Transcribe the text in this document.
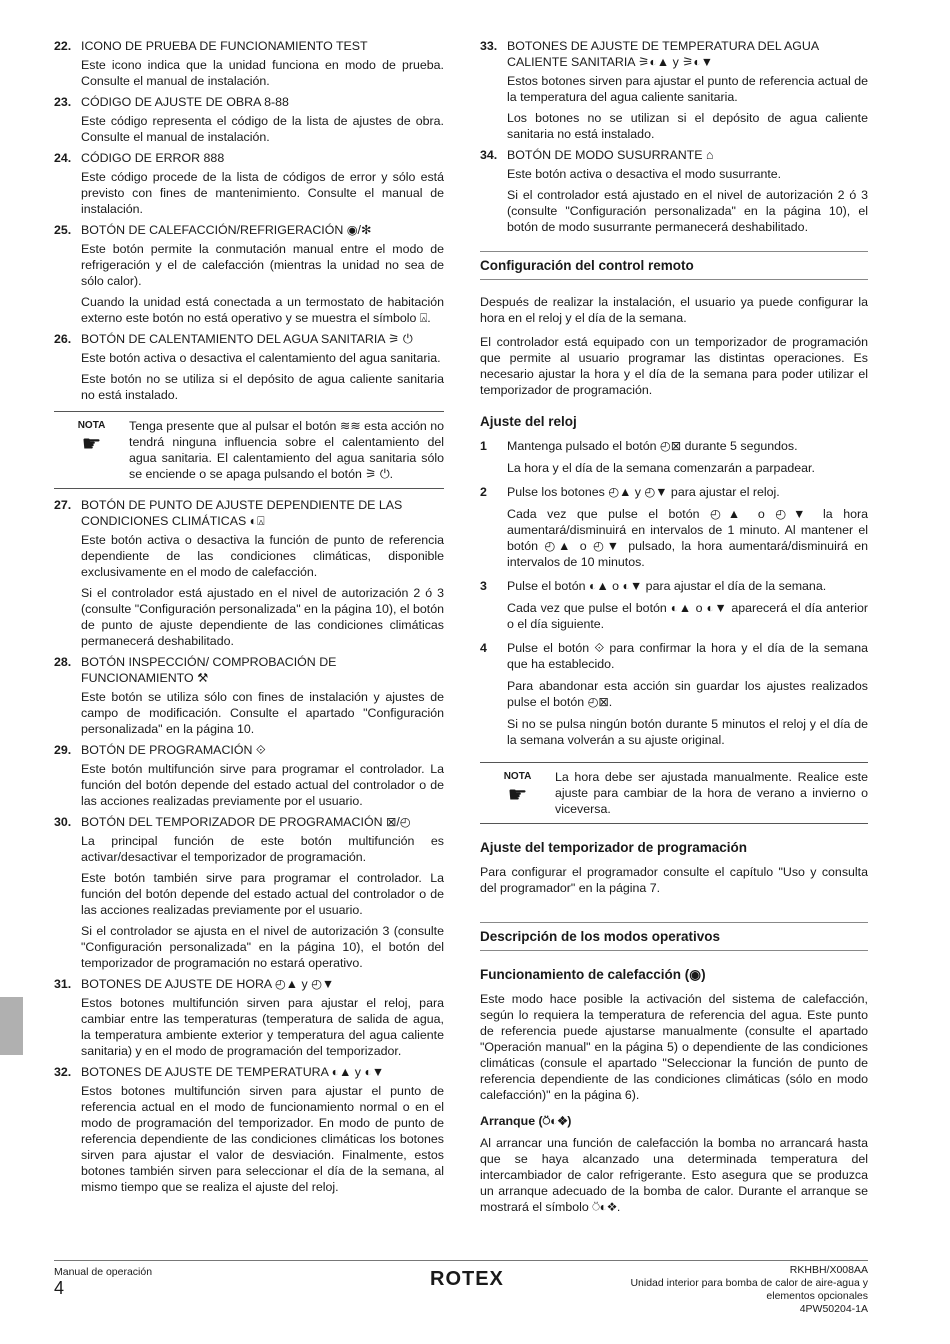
22. ICONO DE PRUEBA DE FUNCIONAMIENTO TEST

Este icono indica que la unidad funciona en modo de prueba. Consulte el manual de instalación.

23. CÓDIGO DE AJUSTE DE OBRA 8-88

Este código representa el código de la lista de ajustes de obra. Consulte el manual de instalación.

24. CÓDIGO DE ERROR 888

Este código procede de la lista de códigos de error y sólo está previsto con fines de mantenimiento. Consulte el manual de instalación.

25. BOTÓN DE CALEFACCIÓN/REFRIGERACIÓN ◉/✻

Este botón permite la conmutación manual entre el modo de refrigeración y el de calefacción (mientras la unidad no sea de sólo calor).

Cuando la unidad está conectada a un termostato de habitación externo este botón no está operativo y se muestra el símbolo ⍓.

26. BOTÓN DE CALENTAMIENTO DEL AGUA SANITARIA ⚞ ⏻

Este botón activa o desactiva el calentamiento del agua sanitaria.

Este botón no se utiliza si el depósito de agua caliente sanitaria no está instalado.

NOTA
☛
Tenga presente que al pulsar el botón ≋≋ esta acción no tendrá ninguna influencia sobre el calentamiento del agua sanitaria. El calentamiento del agua sanitaria sólo se enciende o se apaga pulsando el botón ⚞ ⏻.
27. BOTÓN DE PUNTO DE AJUSTE DEPENDIENTE DE LAS CONDICIONES CLIMÁTICAS ◐⍓

Este botón activa o desactiva la función de punto de referencia dependiente de las condiciones climáticas, disponible exclusivamente en el modo de calefacción.

Si el controlador está ajustado en el nivel de autorización 2 ó 3 (consulte "Configuración personalizada" en la página 10), el botón de punto de ajuste dependiente de las condiciones climáticas permanecerá deshabilitado.

28. BOTÓN INSPECCIÓN/ COMPROBACIÓN DE FUNCIONAMIENTO ⚒

Este botón se utiliza sólo con fines de instalación y ajustes de campo de modificación. Consulte el apartado "Configuración personalizada" en la página 10.

29. BOTÓN DE PROGRAMACIÓN ⟐

Este botón multifunción sirve para programar el controlador. La función del botón depende del estado actual del controlador o de las acciones realizadas previamente por el usuario.

30. BOTÓN DEL TEMPORIZADOR DE PROGRAMACIÓN ⊠/◴

La principal función de este botón multifunción es activar/desactivar el temporizador de programación.

Este botón también sirve para programar el controlador. La función del botón depende del estado actual del controlador o de las acciones realizadas previamente por el usuario.

Si el controlador se ajusta en el nivel de autorización 3 (consulte "Configuración personalizada" en la página 10), el botón del temporizador de programación no estará operativo.

31. BOTONES DE AJUSTE DE HORA ◴▲ y ◴▼

Estos botones multifunción sirven para ajustar el reloj, para cambiar entre las temperaturas (temperatura de salida de agua, la temperatura ambiente exterior y temperatura del agua caliente sanitaria) y en el modo de programación del temporizador.

32. BOTONES DE AJUSTE DE TEMPERATURA ◐▲ y ◐▼

Estos botones multifunción sirven para ajustar el punto de referencia actual en el modo de funcionamiento normal o en el modo de programación del temporizador. En modo de punto de referencia dependiente de las condiciones climáticas los botones sirven para ajustar el valor de desviación. Finalmente, estos botones también sirven para seleccionar el día de la semana, al mismo tiempo que se realiza el ajuste del reloj.

33. BOTONES DE AJUSTE DE TEMPERATURA DEL AGUA CALIENTE SANITARIA ⚞◐▲ y ⚞◐▼

Estos botones sirven para ajustar el punto de referencia actual de la temperatura del agua caliente sanitaria.

Los botones no se utilizan si el depósito de agua caliente sanitaria no está instalado.

34. BOTÓN DE MODO SUSURRANTE ⌂

Este botón activa o desactiva el modo susurrante.

Si el controlador está ajustado en el nivel de autorización 2 ó 3 (consulte "Configuración personalizada" en la página 10), el botón de modo susurrante permanecerá deshabilitado.

Configuración del control remoto

Después de realizar la instalación, el usuario ya puede configurar la hora en el reloj y el día de la semana.

El controlador está equipado con un temporizador de programación que permite al usuario programar las distintas operaciones. Es necesario ajustar la hora y el día de la semana para poder utilizar el temporizador de programación.

Ajuste del reloj
1	Mantenga pulsado el botón ◴⊠ durante 5 segundos.

La hora y el día de la semana comenzarán a parpadear.

2	Pulse los botones ◴▲ y ◴▼ para ajustar el reloj.

Cada vez que pulse el botón ◴▲ o ◴▼ la hora aumentará/disminuirá en intervalos de 1 minuto. Al mantener el botón ◴▲ o ◴▼ pulsado, la hora aumentará/disminuirá en intervalos de 10 minutos.

3	Pulse el botón ◐▲ o ◐▼ para ajustar el día de la semana.

Cada vez que pulse el botón ◐▲ o ◐▼ aparecerá el día anterior o el día siguiente.

4	Pulse el botón ⟐ para confirmar la hora y el día de la semana que ha establecido.

Para abandonar esta acción sin guardar los ajustes realizados pulse el botón ◴⊠.

Si no se pulsa ningún botón durante 5 minutos el reloj y el día de la semana volverán a su ajuste original.

NOTA
☛
La hora debe ser ajustada manualmente. Realice este ajuste para cambiar de la hora de verano a invierno o viceversa.
Ajuste del temporizador de programación

Para configurar el programador consulte el capítulo "Uso y consulta del programador" en la página 7.

Descripción de los modos operativos
Funcionamiento de calefacción (◉)

Este modo hace posible la activación del sistema de calefacción, según lo requiera la temperatura de referencia del agua. Este punto de referencia puede ajustarse manualmente (consulte el apartado "Operación manual" en la página 5) o dependiente de las condiciones climáticas (consule el apartado "Seleccionar la función de punto de referencia dependiente de las condiciones climáticas (sólo en modo calefacción)" en la página 6).

Arranque (⍥◐❖)

Al arrancar una función de calefacción la bomba no arrancará hasta que se haya alcanzado una determinada temperatura del intercambiador de calor refrigerante. Esto asegura que se produzca un arranque adecuado de la bomba de calor. Durante el arranque se mostrará el símbolo ⍥◐❖.

Manual de operación
4	ROTEX	RKHBH/X008AA
Unidad interior para bomba de calor de aire-agua y
elementos opcionales
4PW50204-1A
